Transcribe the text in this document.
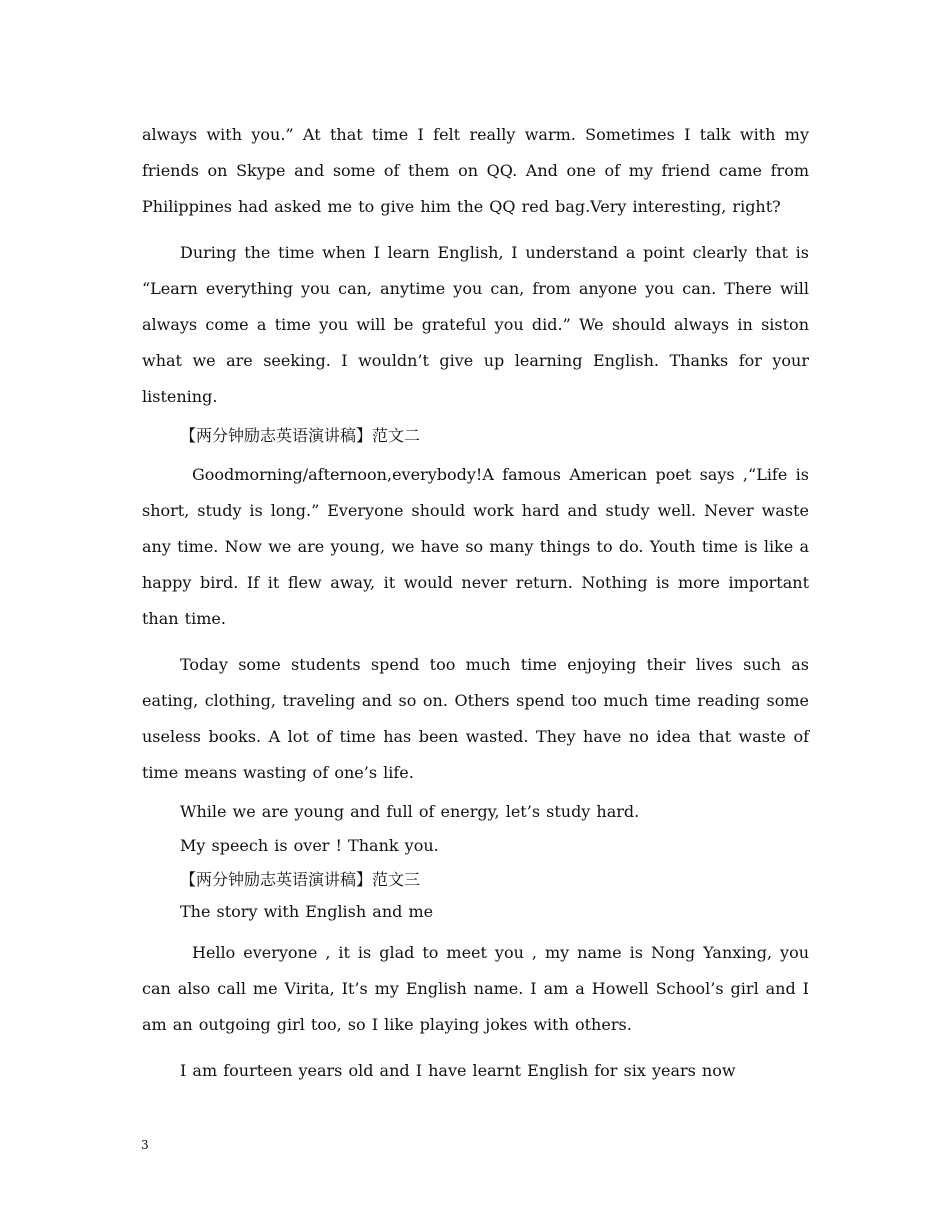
always with you.” At that time I felt really warm. Sometimes I talk with my friends on Skype and some of them on QQ. And one of my friend came from Philippines had asked me to give him the QQ red bag.Very interesting, right?

During the time when I learn English, I understand a point clearly that is “Learn everything you can, anytime you can, from anyone you can. There will always come a time you will be grateful you did.” We should always in siston what we are seeking. I wouldn’t give up learning English. Thanks for your listening.

【两分钟励志英语演讲稿】范文二

Goodmorning/afternoon,everybody!A famous American poet says ,“Life is short, study is long.” Everyone should work hard and study well. Never waste any time. Now we are young, we have so many things to do. Youth time is like a happy bird. If it flew away, it would never return. Nothing is more important than time.

Today some students spend too much time enjoying their lives such as eating, clothing, traveling and so on. Others spend too much time reading some useless books. A lot of time has been wasted. They have no idea that waste of time means wasting of one’s life.

While we are young and full of energy, let’s study hard.

My speech is over ! Thank you.

【两分钟励志英语演讲稿】范文三

The story with English and me

Hello everyone , it is glad to meet you , my name is Nong Yanxing, you can also call me Virita, It’s my English name. I am a Howell School’s girl and I am an outgoing girl too, so I like playing jokes with others.

I am fourteen years old and I have learnt English for six years now

3
